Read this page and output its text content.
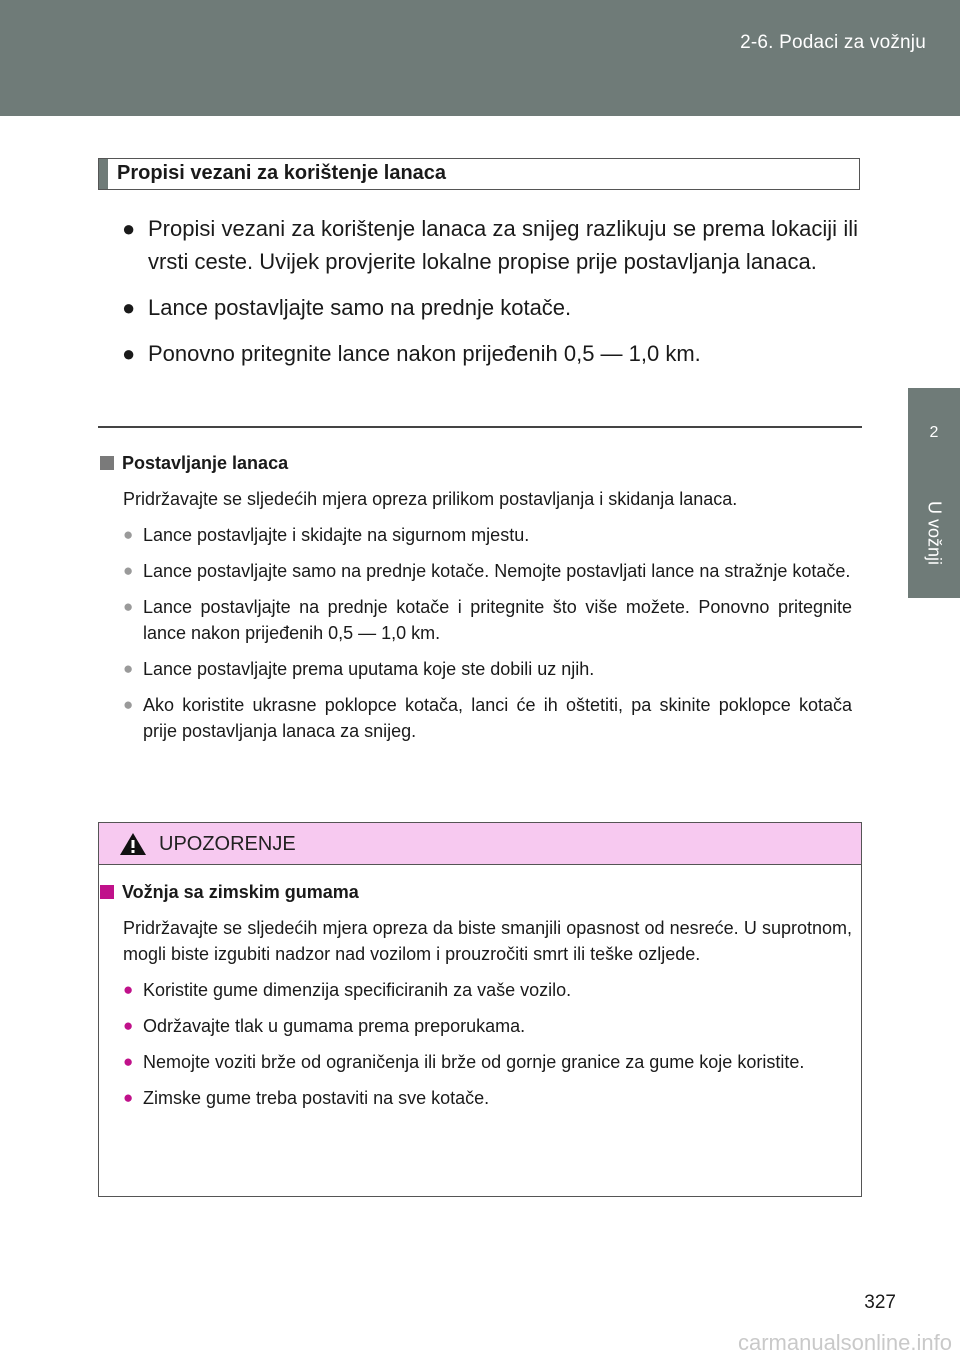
2-6. Podaci za vožnju
2
U vožnji
Propisi vezani za korištenje lanaca
● Propisi vezani za korištenje lanaca za snijeg razlikuju se prema lokaciji ili vrsti ceste. Uvijek provjerite lokalne propise prije postavljanja lanaca.
● Lance postavljajte samo na prednje kotače.
● Ponovno pritegnite lance nakon prijeđenih 0,5 — 1,0 km.
Postavljanje lanaca
Pridržavajte se sljedećih mjera opreza prilikom postavljanja i skidanja lanaca.
● Lance postavljajte i skidajte na sigurnom mjestu.
● Lance postavljajte samo na prednje kotače. Nemojte postavljati lance na stražnje kotače.
● Lance postavljajte na prednje kotače i pritegnite što više možete. Ponovno pritegnite lance nakon prijeđenih 0,5 — 1,0 km.
● Lance postavljajte prema uputama koje ste dobili uz njih.
● Ako koristite ukrasne poklopce kotača, lanci će ih oštetiti, pa skinite poklopce kotača prije postavljanja lanaca za snijeg.
UPOZORENJE
Vožnja sa zimskim gumama
Pridržavajte se sljedećih mjera opreza da biste smanjili opasnost od nesreće. U suprotnom, mogli biste izgubiti nadzor nad vozilom i prouzročiti smrt ili teške ozljede.
● Koristite gume dimenzija specificiranih za vaše vozilo.
● Održavajte tlak u gumama prema preporukama.
● Nemojte voziti brže od ograničenja ili brže od gornje granice za gume koje koristite.
● Zimske gume treba postaviti na sve kotače.
327
carmanualsonline.info
